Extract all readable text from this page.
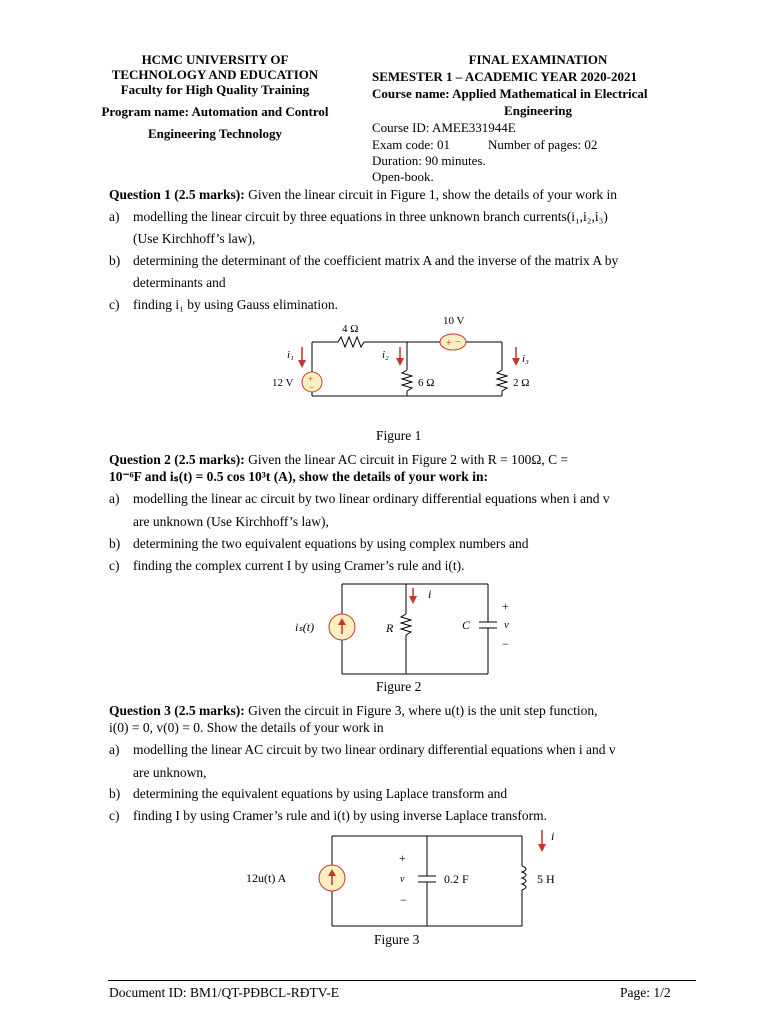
HCMC UNIVERSITY OF
TECHNOLOGY AND EDUCATION
Faculty for High Quality Training
Program name: Automation and Control
Engineering Technology
FINAL EXAMINATION
SEMESTER 1 – ACADEMIC YEAR 2020-2021
Course name: Applied Mathematical in Electrical
Engineering
Course ID: AMEE331944E
Exam code: 01	Number of pages: 02
Duration: 90 minutes.
Open-book.
Question 1 (2.5 marks): Given the linear circuit in Figure 1, show the details of your work in
a) modelling the linear circuit by three equations in three unknown branch currents(i₁,i₂,i₃)
(Use Kirchhoff’s law),
b) determining the determinant of the coefficient matrix A and the inverse of the matrix A by
determinants and
c) finding i₁ by using Gauss elimination.
+ −
+
−
4 Ω
10 V
i₁	i₂	i₃
12 V	6 Ω	2 Ω
Figure 1
Question 2 (2.5 marks): Given the linear AC circuit in Figure 2 with R = 100Ω, C =
10⁻⁶F and iₛ(t) = 0.5 cos 10³t (A), show the details of your work in:
a) modelling the linear ac circuit by two linear ordinary differential equations when i and v
are unknown (Use Kirchhoff’s law),
b) determining the two equivalent equations by using complex numbers and
c) finding the complex current I by using Cramer’s rule and i(t).
iₛ(t)	R	C
i
v
+
−
Figure 2
Question 3 (2.5 marks): Given the circuit in Figure 3, where u(t) is the unit step function,
i(0) = 0, v(0) = 0. Show the details of your work in
a) modelling the linear AC circuit by two linear ordinary differential equations when i and v
are unknown,
b) determining the equivalent equations by using Laplace transform and
c) finding I by using Cramer’s rule and i(t) by using inverse Laplace transform.
12u(t) A	v	0.2 F	5 H
i
+
−
Figure 3
Document ID: BM1/QT-PĐBCL-RĐTV-E	Page: 1/2
